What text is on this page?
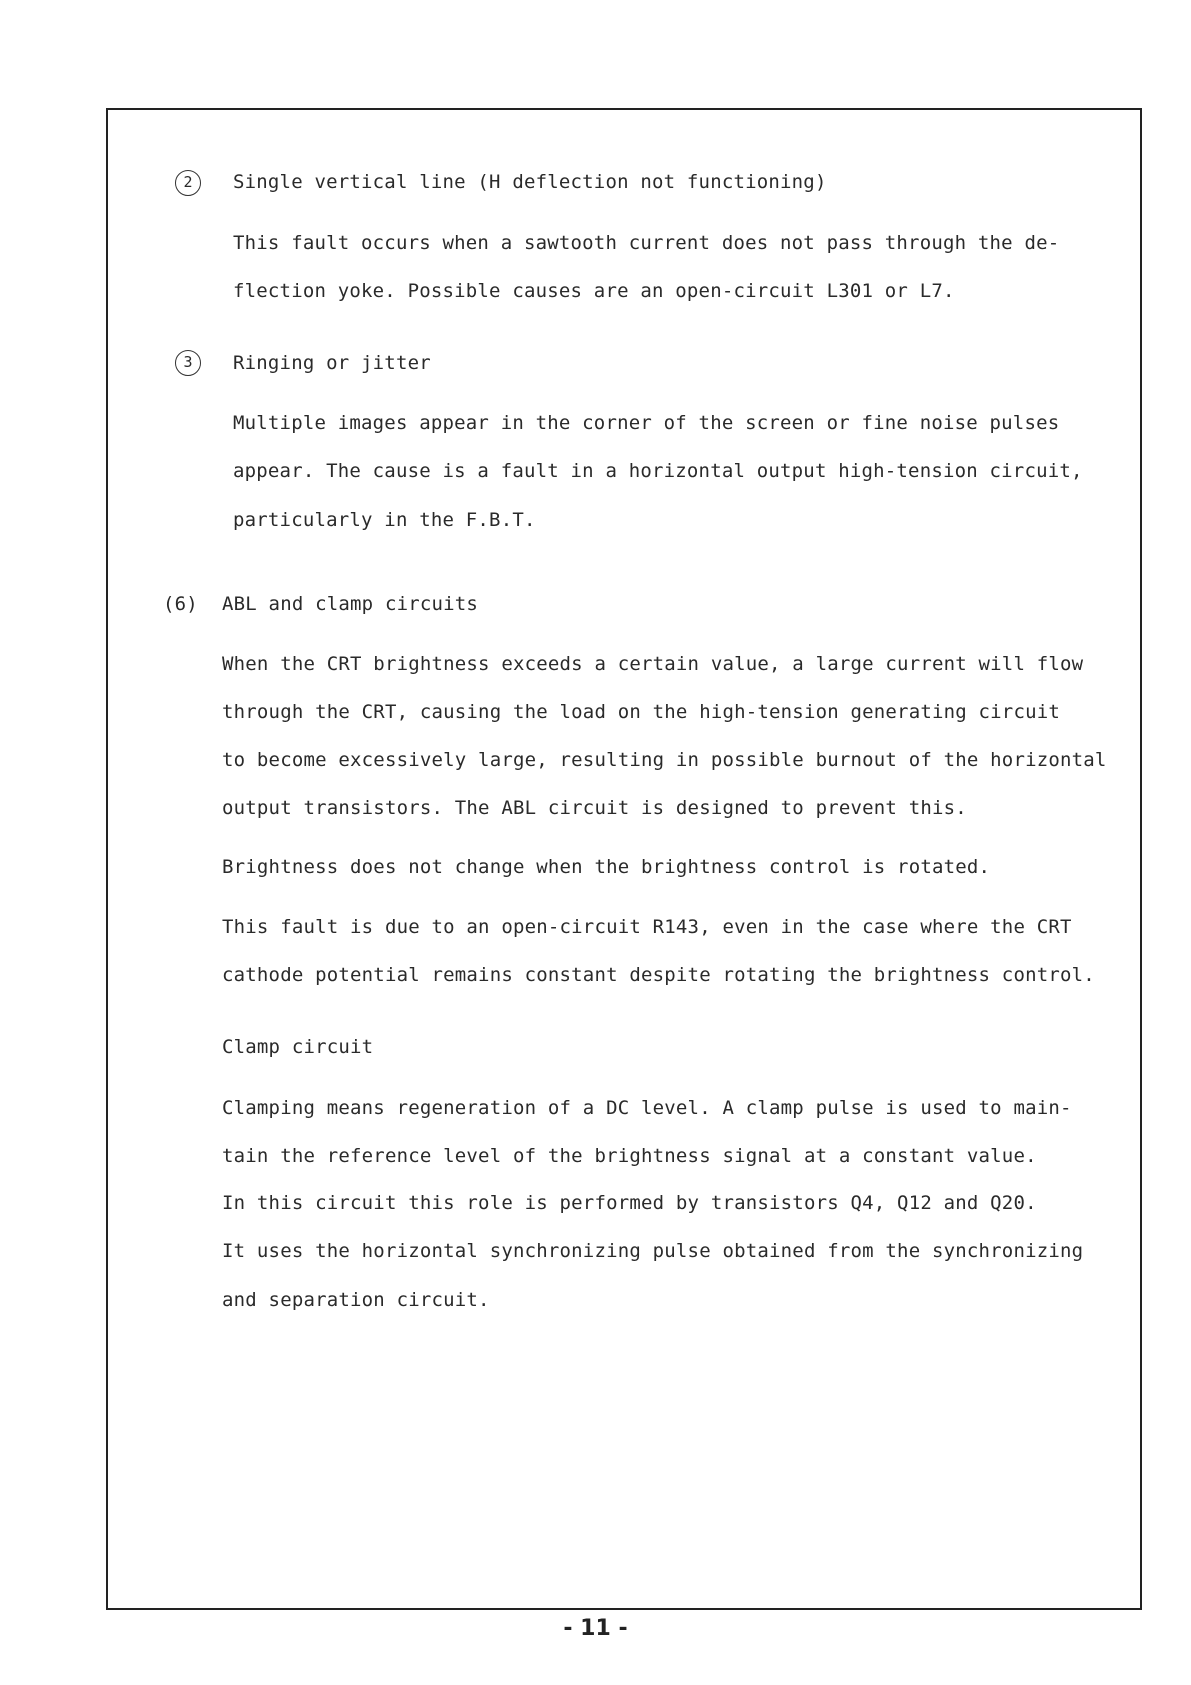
2	Single vertical line (H deflection not functioning)
This fault occurs when a sawtooth current does not pass through the de-
flection yoke. Possible causes are an open-circuit L301 or L7.
3	Ringing or jitter
Multiple images appear in the corner of the screen or fine noise pulses
appear. The cause is a fault in a horizontal output high-tension circuit,
particularly in the F.B.T.
(6) ABL and clamp circuits
When the CRT brightness exceeds a certain value, a large current will flow
through the CRT, causing the load on the high-tension generating circuit
to become excessively large, resulting in possible burnout of the horizontal
output transistors. The ABL circuit is designed to prevent this.
Brightness does not change when the brightness control is rotated.
This fault is due to an open-circuit R143, even in the case where the CRT
cathode potential remains constant despite rotating the brightness control.
Clamp circuit
Clamping means regeneration of a DC level. A clamp pulse is used to main-
tain the reference level of the brightness signal at a constant value.
In this circuit this role is performed by transistors Q4, Q12 and Q20.
It uses the horizontal synchronizing pulse obtained from the synchronizing
and separation circuit.
- 11 -
